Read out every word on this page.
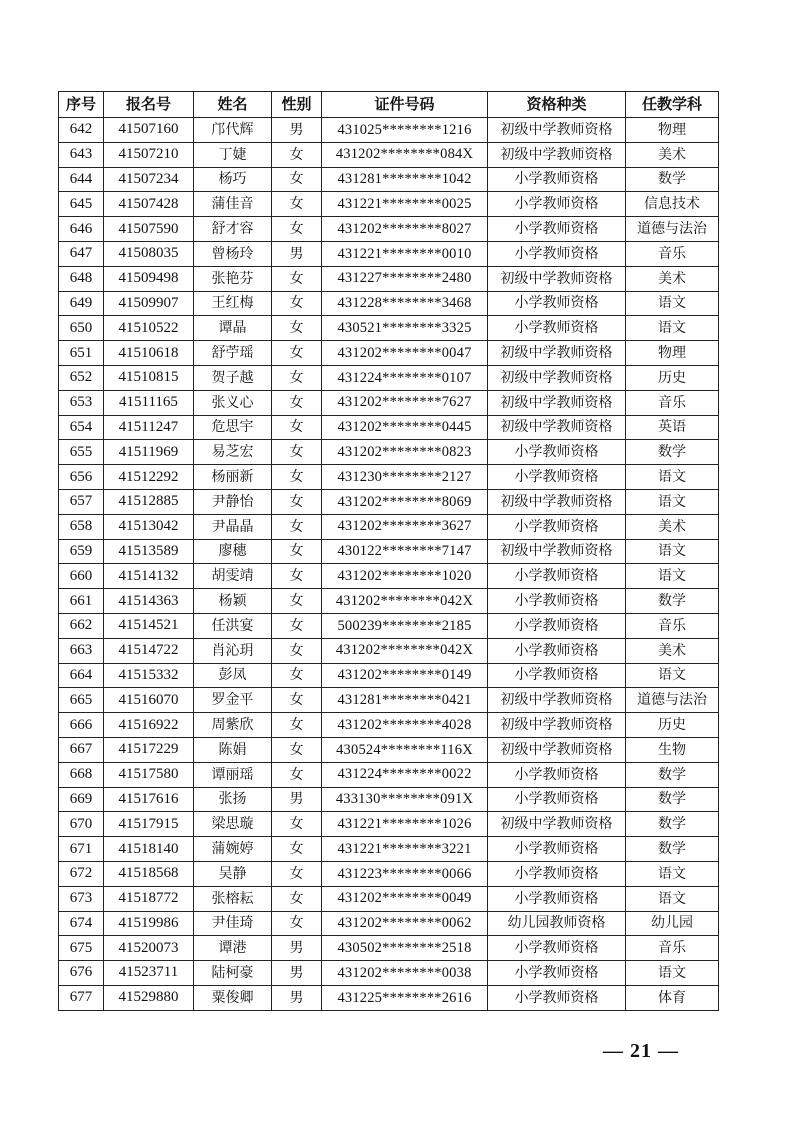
序号	报名号	姓名	性别	证件号码	资格种类	任教学科
642	41507160	邝代辉	男	431025********1216	初级中学教师资格	物理
643	41507210	丁婕	女	431202********084X	初级中学教师资格	美术
644	41507234	杨巧	女	431281********1042	小学教师资格	数学
645	41507428	蒲佳音	女	431221********0025	小学教师资格	信息技术
646	41507590	舒才容	女	431202********8027	小学教师资格	道德与法治
647	41508035	曾杨玲	男	431221********0010	小学教师资格	音乐
648	41509498	张艳芬	女	431227********2480	初级中学教师资格	美术
649	41509907	王红梅	女	431228********3468	小学教师资格	语文
650	41510522	谭晶	女	430521********3325	小学教师资格	语文
651	41510618	舒苧瑶	女	431202********0047	初级中学教师资格	物理
652	41510815	贺子越	女	431224********0107	初级中学教师资格	历史
653	41511165	张义心	女	431202********7627	初级中学教师资格	音乐
654	41511247	危思宇	女	431202********0445	初级中学教师资格	英语
655	41511969	易芝宏	女	431202********0823	小学教师资格	数学
656	41512292	杨丽新	女	431230********2127	小学教师资格	语文
657	41512885	尹静怡	女	431202********8069	初级中学教师资格	语文
658	41513042	尹晶晶	女	431202********3627	小学教师资格	美术
659	41513589	廖穗	女	430122********7147	初级中学教师资格	语文
660	41514132	胡雯靖	女	431202********1020	小学教师资格	语文
661	41514363	杨颖	女	431202********042X	小学教师资格	数学
662	41514521	任洪宴	女	500239********2185	小学教师资格	音乐
663	41514722	肖沁玥	女	431202********042X	小学教师资格	美术
664	41515332	彭凤	女	431202********0149	小学教师资格	语文
665	41516070	罗金平	女	431281********0421	初级中学教师资格	道德与法治
666	41516922	周紫欣	女	431202********4028	初级中学教师资格	历史
667	41517229	陈娟	女	430524********116X	初级中学教师资格	生物
668	41517580	谭丽瑶	女	431224********0022	小学教师资格	数学
669	41517616	张扬	男	433130********091X	小学教师资格	数学
670	41517915	梁思璇	女	431221********1026	初级中学教师资格	数学
671	41518140	蒲婉婷	女	431221********3221	小学教师资格	数学
672	41518568	吴静	女	431223********0066	小学教师资格	语文
673	41518772	张榕耘	女	431202********0049	小学教师资格	语文
674	41519986	尹佳琦	女	431202********0062	幼儿园教师资格	幼儿园
675	41520073	谭港	男	430502********2518	小学教师资格	音乐
676	41523711	陆柯豪	男	431202********0038	小学教师资格	语文
677	41529880	粟俊卿	男	431225********2616	小学教师资格	体育
— 21 —
